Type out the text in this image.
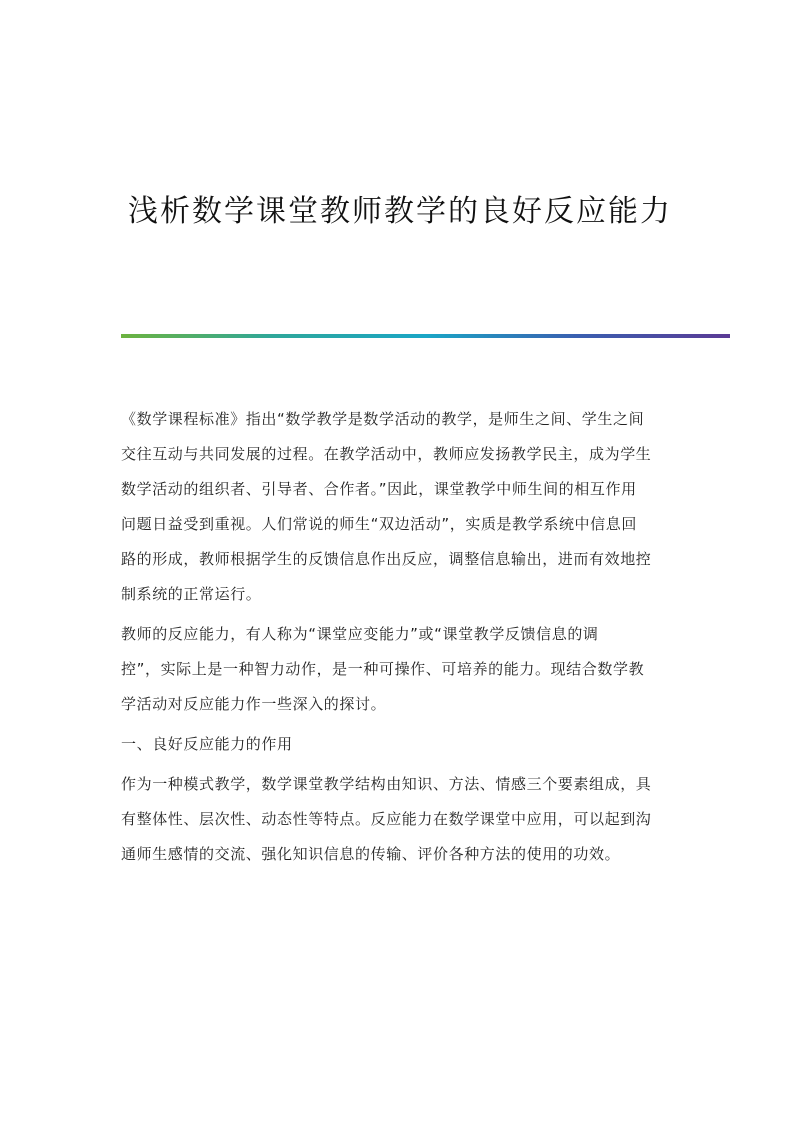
浅析数学课堂教师教学的良好反应能力
《数学课程标准》指出“数学教学是数学活动的教学，是师生之间、学生之间
交往互动与共同发展的过程。在教学活动中，教师应发扬教学民主，成为学生
数学活动的组织者、引导者、合作者。”因此，课堂教学中师生间的相互作用
问题日益受到重视。人们常说的师生“双边活动”，实质是教学系统中信息回
路的形成，教师根据学生的反馈信息作出反应，调整信息输出，进而有效地控
制系统的正常运行。
教师的反应能力，有人称为“课堂应变能力”或“课堂教学反馈信息的调
控”，实际上是一种智力动作，是一种可操作、可培养的能力。现结合数学教
学活动对反应能力作一些深入的探讨。
一、良好反应能力的作用
作为一种模式教学，数学课堂教学结构由知识、方法、情感三个要素组成，具
有整体性、层次性、动态性等特点。反应能力在数学课堂中应用，可以起到沟
通师生感情的交流、强化知识信息的传输、评价各种方法的使用的功效。
